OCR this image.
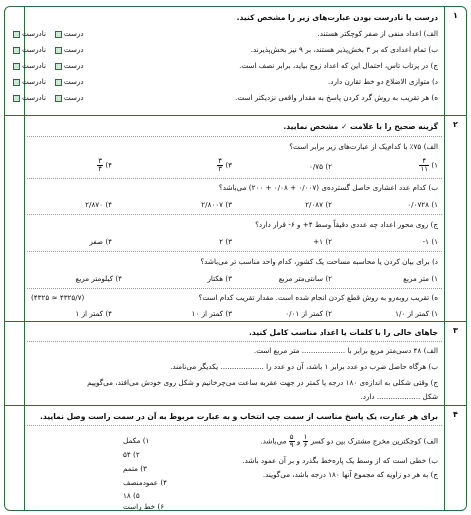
درست یا نادرست بودن عبارت‌های زیر را مشخص کنید.
الف) اعداد منفی از صفر کوچکتر هستند.
ب) تمام اعدادی که بر ۳ بخش‌پذیر هستند، بر ۹ نیز بخش‌پذیرند.
ج) در پرتاب تاس، احتمال این که اعداد زوج بیاید، برابر نصف است.
د) متوازی الاضلاع دو خط تقارن دارد.
ه) هر تقریب به روش گرد کردن پاسخ به مقدار واقعی نزدیکتر است.
درست   نادرست
درست   نادرست
درست   نادرست
درست   نادرست
درست   نادرست
۱
گزینه صحیح را با علامت ✓ مشخص نمایید.
الف) ۷۵٪ با کدام‌یک از عبارت‌های زیر برابر است؟
۱)
$\frac{۴}{۱۱}$
۲) ۰/۷۵
۳)
$\frac{۴}{۳}$
۴)
$\frac{۳}{۴}$
ب) کدام عدد اعشاری حاصل گسترده‌ی (۰/۰۰۷ + ۰/۰۸ + ۲۰۰) می‌باشد؟
۱) ۰/۰۷۲۸
۲) ۲/۰۸۷
۳) ۲/۸۰۰۷
۴) ۲/۸۷۰
ج) روی محور اعداد چه عددی دقیقاً وسط ۴+ و ۶- قرار دارد؟
۱) ۱-
۲) ۱+
۳) ۲
۴) صفر
د) برای بیان کردن یا محاسبه مساحت یک کشور، کدام واحد مناسب تر می‌باشد؟
۱) متر مربع
۲) سانتی‌متر مربع
۳) هکتار
۴) کیلومتر مربع
ه) تقریب رو‌به‌رو به روش قطع کردن انجام شده است. مقدار تقریب کدام است؟
(۴۳۲۵ ≈ ۴۳۲۵/۷)
۱) کمتر از ۱/۰
۲) کمتر از ۰/۰۱
۳) کمتر از ۱۰
۴) کمتر از ۱
۲
جاهای خالی را با کلمات یا اعداد مناسب کامل کنید.
الف) ۴۸ دسی‌متر مربع برابر با ................... متر مربع است.
ب) هرگاه حاصل ضرب دو عدد برابر ۱ باشد، آن دو عدد را ................... یکدیگر می‌نامند.
ج) وقتی شکلی به اندازه‌ی ۱۸۰ درجه یا کمتر در جهت عقربه ساعت می‌چرخانیم و شکل روی خودش می‌افتد، می‌گوییم
شکل ................... دارد.
۳
برای هر عبارت، یک پاسخ مناسب از سمت چپ انتخاب و به عبارت مربوط به آن در سمت راست وصل نمایید.
الف) کوچکترین مخرج مشترک بین دو کسر
$\frac{۱}{۶}$
و
$\frac{۵}{۹}$
می‌باشد.
ب) خطی است که از وسط یک پاره‌خط بگذرد و بر آن عمود باشد.
ج) به هر دو زاویه که مجموع آنها ۱۸۰ درجه باشد، می‌گویند.
۱) مکمل
۲) ۵۴
۳) متمم
۴) عمودمنصف
۵) ۱۸
۶) خط راست
۴
